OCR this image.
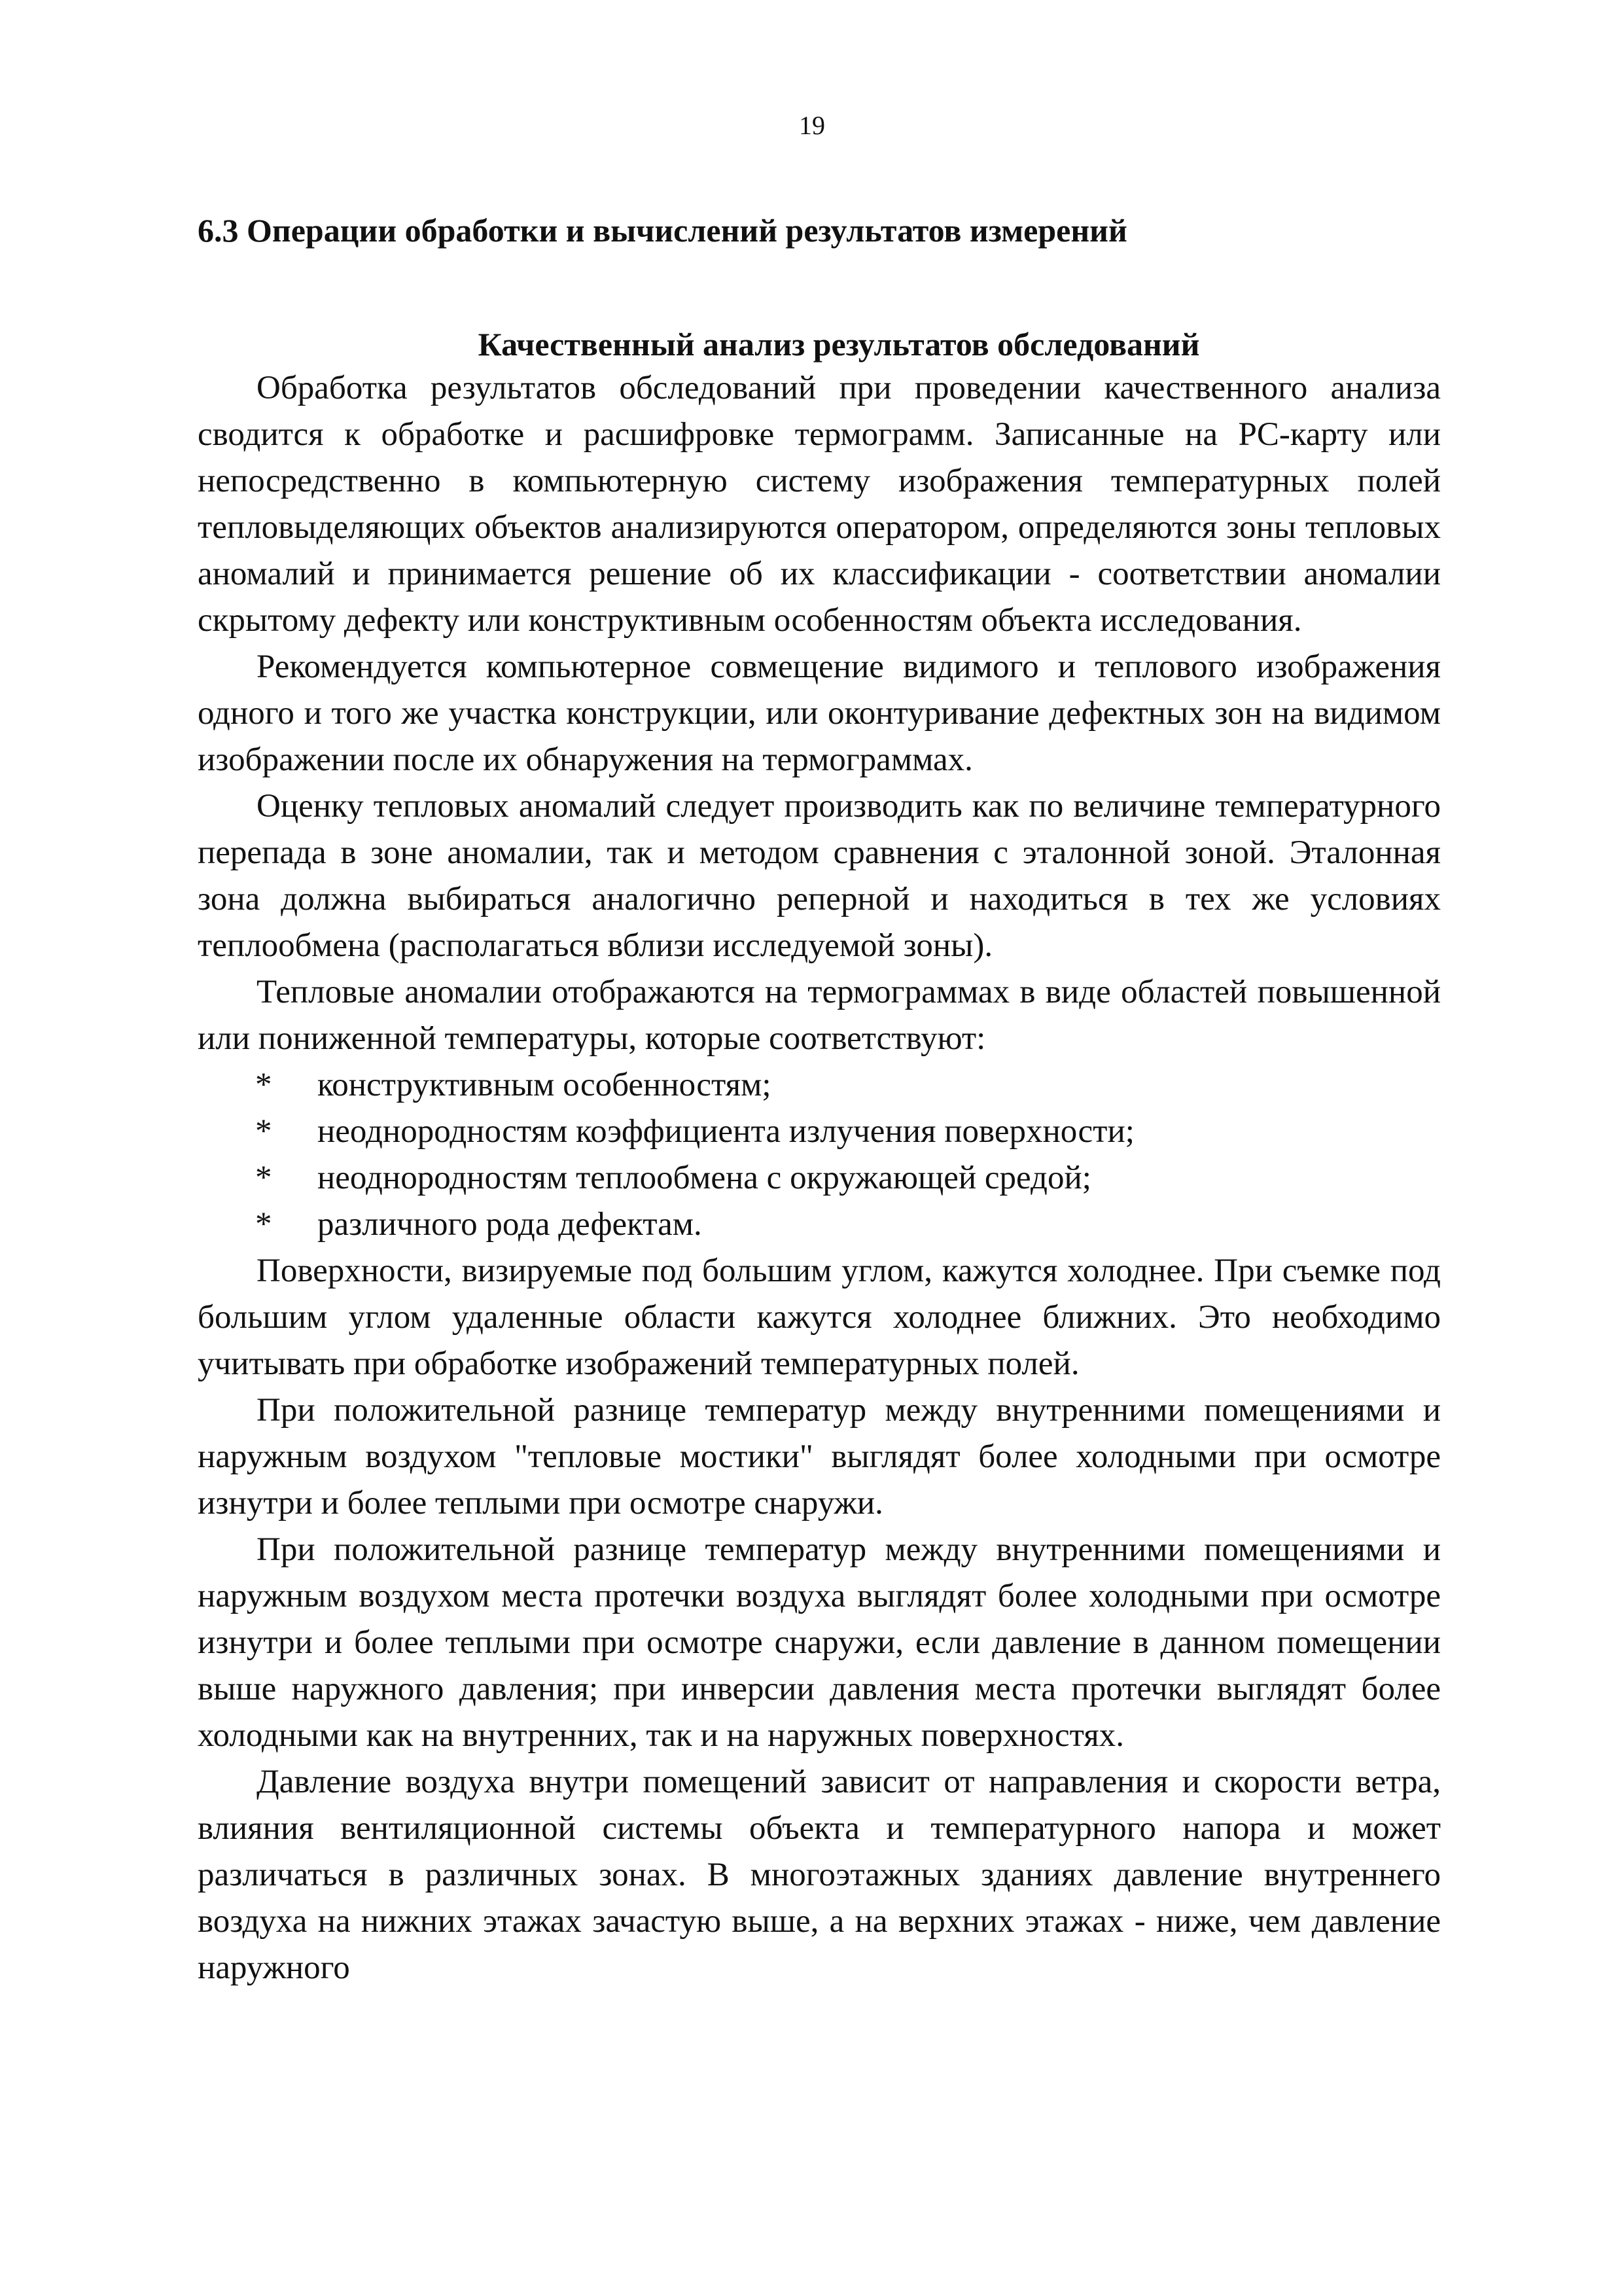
19
6.3 Операции обработки и вычислений результатов измерений
Качественный анализ результатов обследований

Обработка результатов обследований при проведении качественного анализа сводится к обработке и расшифровке термограмм. Записанные на PC-карту или непосредственно в компьютерную систему изображения температурных полей тепловыделяющих объектов анализируются оператором, определяются зоны тепловых аномалий и принимается решение об их классификации - соответствии аномалии скрытому дефекту или конструктивным особенностям объекта исследования.

Рекомендуется компьютерное совмещение видимого и теплового изображения одного и того же участка конструкции, или оконтуривание дефектных зон на видимом изображении после их обнаружения на термограммах.

Оценку тепловых аномалий следует производить как по величине температурного перепада в зоне аномалии, так и методом сравнения с эталонной зоной. Эталонная зона должна выбираться аналогично реперной и находиться в тех же условиях теплообмена (располагаться вблизи исследуемой зоны).

Тепловые аномалии отображаются на термограммах в виде областей повышенной или пониженной температуры, которые соответствуют:

*	конструктивным особенностям;
*	неоднородностям коэффициента излучения поверхности;
*	неоднородностям теплообмена с окружающей средой;
*	различного рода дефектам.

Поверхности, визируемые под большим углом, кажутся холоднее. При съемке под большим углом удаленные области кажутся холоднее ближних. Это необходимо учитывать при обработке изображений температурных полей.

При положительной разнице температур между внутренними помещениями и наружным воздухом "тепловые мостики" выглядят более холодными при осмотре изнутри и более теплыми при осмотре снаружи.

При положительной разнице температур между внутренними помещениями и наружным воздухом места протечки воздуха выглядят более холодными при осмотре изнутри и более теплыми при осмотре снаружи, если давление в данном помещении выше наружного давления; при инверсии давления места протечки выглядят более холодными как на внутренних, так и на наружных поверхностях.

Давление воздуха внутри помещений зависит от направления и скорости ветра, влияния вентиляционной системы объекта и температурного напора и может различаться в различных зонах. В многоэтажных зданиях давление внутреннего воздуха на нижних этажах зачастую выше, а на верхних этажах - ниже, чем давление наружного
